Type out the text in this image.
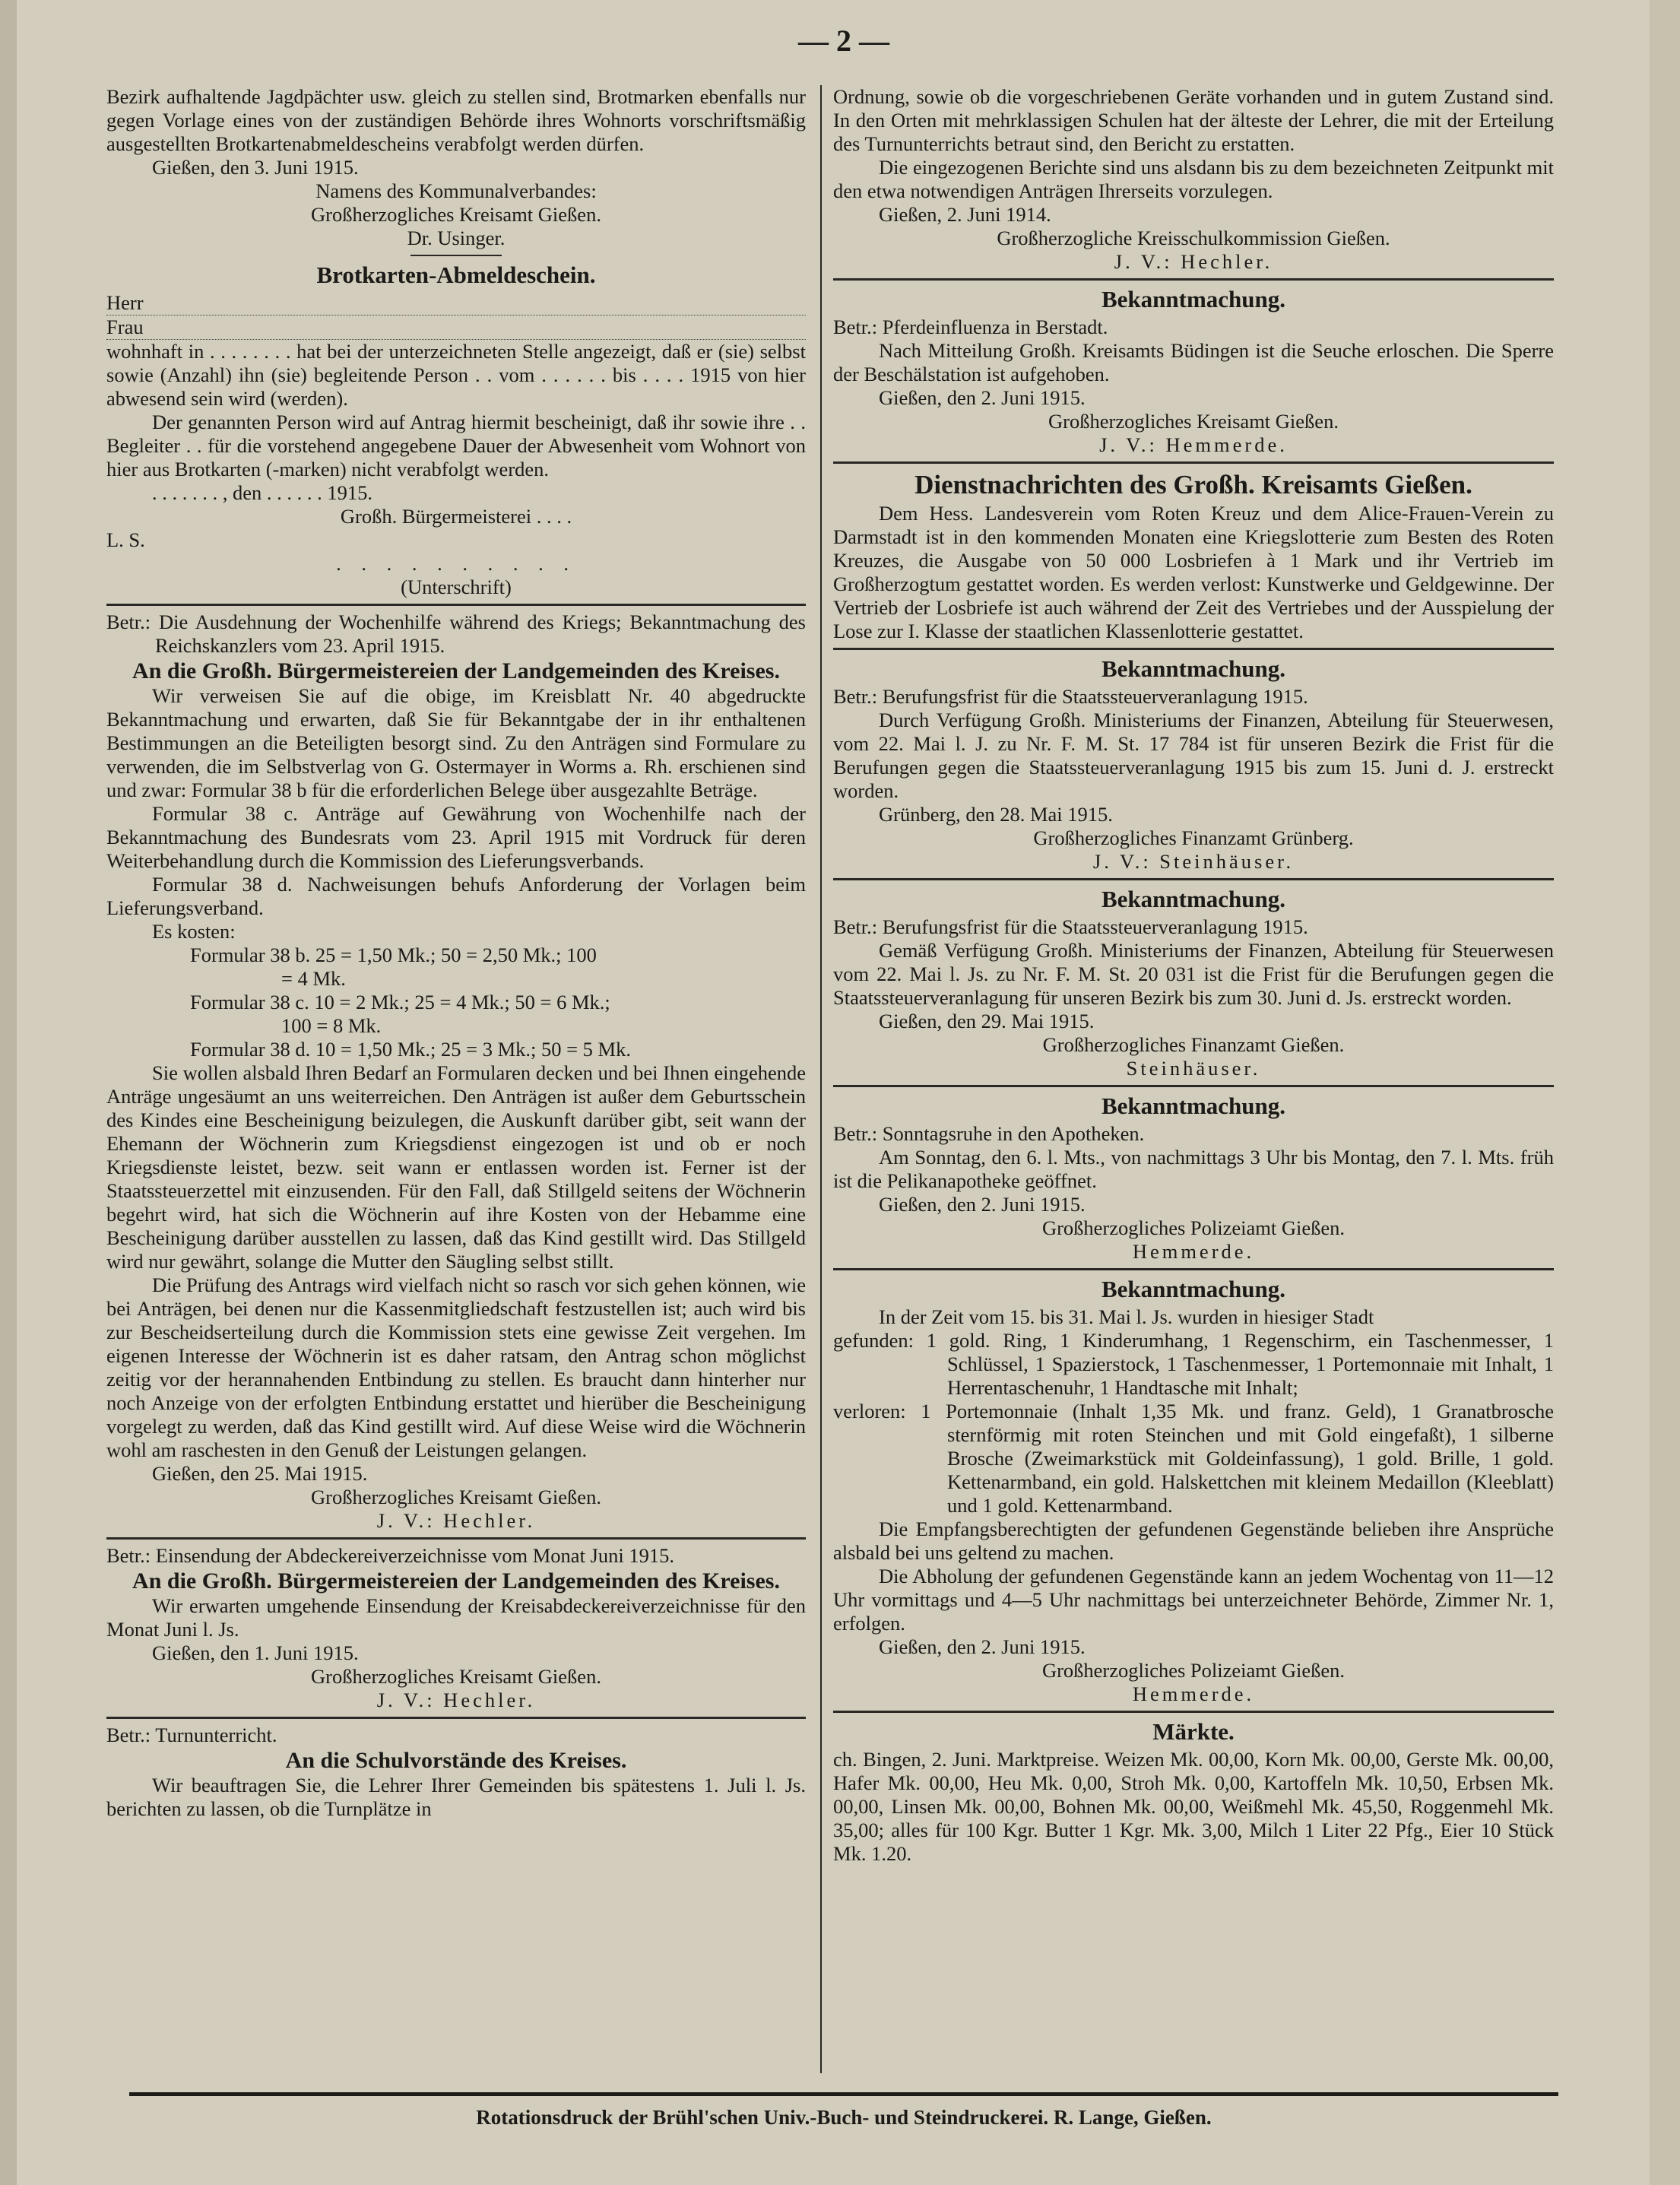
— 2 —

Bezirk aufhaltende Jagdpächter usw. gleich zu stellen sind, Brotmarken ebenfalls nur gegen Vorlage eines von der zuständigen Behörde ihres Wohnorts vorschriftsmäßig ausgestellten Brotkartenabmeldescheins verabfolgt werden dürfen.

Gießen, den 3. Juni 1915.

Namens des Kommunalverbandes:

Großherzogliches Kreisamt Gießen.

Dr. Usinger.

Brotkarten-Abmeldeschein.

Herr

Frau

wohnhaft in . . . . . . . . hat bei der unterzeichneten Stelle angezeigt, daß er (sie) selbst sowie (Anzahl) ihn (sie) begleitende Person . . vom . . . . . . bis . . . . 1915 von hier abwesend sein wird (werden).

Der genannten Person wird auf Antrag hiermit bescheinigt, daß ihr sowie ihre . . Begleiter . . für die vorstehend angegebene Dauer der Abwesenheit vom Wohnort von hier aus Brotkarten (-marken) nicht verabfolgt werden.

. . . . . . . , den . . . . . . 1915.

Großh. Bürgermeisterei . . . .

L. S.

. . . . . . . . . .

(Unterschrift)

Betr.: Die Ausdehnung der Wochenhilfe während des Kriegs; Bekanntmachung des Reichskanzlers vom 23. April 1915.

An die Großh. Bürgermeistereien der Landgemeinden des Kreises.

Wir verweisen Sie auf die obige, im Kreisblatt Nr. 40 abgedruckte Bekanntmachung und erwarten, daß Sie für Bekanntgabe der in ihr enthaltenen Bestimmungen an die Beteiligten besorgt sind. Zu den Anträgen sind Formulare zu verwenden, die im Selbstverlag von G. Ostermayer in Worms a. Rh. erschienen sind und zwar: Formular 38 b für die erforderlichen Belege über ausgezahlte Beträge.

Formular 38 c. Anträge auf Gewährung von Wochenhilfe nach der Bekanntmachung des Bundesrats vom 23. April 1915 mit Vordruck für deren Weiterbehandlung durch die Kommission des Lieferungsverbands.

Formular 38 d. Nachweisungen behufs Anforderung der Vorlagen beim Lieferungsverband.

Es kosten:

Formular 38 b. 25 = 1,50 Mk.; 50 = 2,50 Mk.; 100

= 4 Mk.

Formular 38 c. 10 = 2 Mk.; 25 = 4 Mk.; 50 = 6 Mk.;

100 = 8 Mk.

Formular 38 d. 10 = 1,50 Mk.; 25 = 3 Mk.; 50 = 5 Mk.

Sie wollen alsbald Ihren Bedarf an Formularen decken und bei Ihnen eingehende Anträge ungesäumt an uns weiterreichen. Den Anträgen ist außer dem Geburtsschein des Kindes eine Bescheinigung beizulegen, die Auskunft darüber gibt, seit wann der Ehemann der Wöchnerin zum Kriegsdienst eingezogen ist und ob er noch Kriegsdienste leistet, bezw. seit wann er entlassen worden ist. Ferner ist der Staatssteuerzettel mit einzusenden. Für den Fall, daß Stillgeld seitens der Wöchnerin begehrt wird, hat sich die Wöchnerin auf ihre Kosten von der Hebamme eine Bescheinigung darüber ausstellen zu lassen, daß das Kind gestillt wird. Das Stillgeld wird nur gewährt, solange die Mutter den Säugling selbst stillt.

Die Prüfung des Antrags wird vielfach nicht so rasch vor sich gehen können, wie bei Anträgen, bei denen nur die Kassenmitgliedschaft festzustellen ist; auch wird bis zur Bescheidserteilung durch die Kommission stets eine gewisse Zeit vergehen. Im eigenen Interesse der Wöchnerin ist es daher ratsam, den Antrag schon möglichst zeitig vor der herannahenden Entbindung zu stellen. Es braucht dann hinterher nur noch Anzeige von der erfolgten Entbindung erstattet und hierüber die Bescheinigung vorgelegt zu werden, daß das Kind gestillt wird. Auf diese Weise wird die Wöchnerin wohl am raschesten in den Genuß der Leistungen gelangen.

Gießen, den 25. Mai 1915.

Großherzogliches Kreisamt Gießen.

J. V.: Hechler.

Betr.: Einsendung der Abdeckereiverzeichnisse vom Monat Juni 1915.

An die Großh. Bürgermeistereien der Landgemeinden des Kreises.

Wir erwarten umgehende Einsendung der Kreisabdeckereiverzeichnisse für den Monat Juni l. Js.

Gießen, den 1. Juni 1915.

Großherzogliches Kreisamt Gießen.

J. V.: Hechler.

Betr.: Turnunterricht.

An die Schulvorstände des Kreises.

Wir beauftragen Sie, die Lehrer Ihrer Gemeinden bis spätestens 1. Juli l. Js. berichten zu lassen, ob die Turnplätze in

Ordnung, sowie ob die vorgeschriebenen Geräte vorhanden und in gutem Zustand sind. In den Orten mit mehrklassigen Schulen hat der älteste der Lehrer, die mit der Erteilung des Turnunterrichts betraut sind, den Bericht zu erstatten.

Die eingezogenen Berichte sind uns alsdann bis zu dem bezeichneten Zeitpunkt mit den etwa notwendigen Anträgen Ihrerseits vorzulegen.

Gießen, 2. Juni 1914.

Großherzogliche Kreisschulkommission Gießen.

J. V.: Hechler.

Bekanntmachung.

Betr.: Pferdeinfluenza in Berstadt.

Nach Mitteilung Großh. Kreisamts Büdingen ist die Seuche erloschen. Die Sperre der Beschälstation ist aufgehoben.

Gießen, den 2. Juni 1915.

Großherzogliches Kreisamt Gießen.

J. V.: Hemmerde.

Dienstnachrichten des Großh. Kreisamts Gießen.

Dem Hess. Landesverein vom Roten Kreuz und dem Alice-Frauen-Verein zu Darmstadt ist in den kommenden Monaten eine Kriegslotterie zum Besten des Roten Kreuzes, die Ausgabe von 50 000 Losbriefen à 1 Mark und ihr Vertrieb im Großherzogtum gestattet worden. Es werden verlost: Kunstwerke und Geldgewinne. Der Vertrieb der Losbriefe ist auch während der Zeit des Vertriebes und der Ausspielung der Lose zur I. Klasse der staatlichen Klassenlotterie gestattet.

Bekanntmachung.

Betr.: Berufungsfrist für die Staatssteuerveranlagung 1915.

Durch Verfügung Großh. Ministeriums der Finanzen, Abteilung für Steuerwesen, vom 22. Mai l. J. zu Nr. F. M. St. 17 784 ist für unseren Bezirk die Frist für die Berufungen gegen die Staatssteuerveranlagung 1915 bis zum 15. Juni d. J. erstreckt worden.

Grünberg, den 28. Mai 1915.

Großherzogliches Finanzamt Grünberg.

J. V.: Steinhäuser.

Bekanntmachung.

Betr.: Berufungsfrist für die Staatssteuerveranlagung 1915.

Gemäß Verfügung Großh. Ministeriums der Finanzen, Abteilung für Steuerwesen vom 22. Mai l. Js. zu Nr. F. M. St. 20 031 ist die Frist für die Berufungen gegen die Staatssteuerveranlagung für unseren Bezirk bis zum 30. Juni d. Js. erstreckt worden.

Gießen, den 29. Mai 1915.

Großherzogliches Finanzamt Gießen.

Steinhäuser.

Bekanntmachung.

Betr.: Sonntagsruhe in den Apotheken.

Am Sonntag, den 6. l. Mts., von nachmittags 3 Uhr bis Montag, den 7. l. Mts. früh ist die Pelikanapotheke geöffnet.

Gießen, den 2. Juni 1915.

Großherzogliches Polizeiamt Gießen.

Hemmerde.

Bekanntmachung.

In der Zeit vom 15. bis 31. Mai l. Js. wurden in hiesiger Stadt

gefunden: 1 gold. Ring, 1 Kinderumhang, 1 Regenschirm, ein Taschenmesser, 1 Schlüssel, 1 Spazierstock, 1 Taschenmesser, 1 Portemonnaie mit Inhalt, 1 Herrentaschenuhr, 1 Handtasche mit Inhalt;

verloren: 1 Portemonnaie (Inhalt 1,35 Mk. und franz. Geld), 1 Granatbrosche sternförmig mit roten Steinchen und mit Gold eingefaßt), 1 silberne Brosche (Zweimarkstück mit Goldeinfassung), 1 gold. Brille, 1 gold. Kettenarmband, ein gold. Halskettchen mit kleinem Medaillon (Kleeblatt) und 1 gold. Kettenarmband.

Die Empfangsberechtigten der gefundenen Gegenstände belieben ihre Ansprüche alsbald bei uns geltend zu machen.

Die Abholung der gefundenen Gegenstände kann an jedem Wochentag von 11—12 Uhr vormittags und 4—5 Uhr nachmittags bei unterzeichneter Behörde, Zimmer Nr. 1, erfolgen.

Gießen, den 2. Juni 1915.

Großherzogliches Polizeiamt Gießen.

Hemmerde.

Märkte.

ch. Bingen, 2. Juni. Marktpreise. Weizen Mk. 00,00, Korn Mk. 00,00, Gerste Mk. 00,00, Hafer Mk. 00,00, Heu Mk. 0,00, Stroh Mk. 0,00, Kartoffeln Mk. 10,50, Erbsen Mk. 00,00, Linsen Mk. 00,00, Bohnen Mk. 00,00, Weißmehl Mk. 45,50, Roggenmehl Mk. 35,00; alles für 100 Kgr. Butter 1 Kgr. Mk. 3,00, Milch 1 Liter 22 Pfg., Eier 10 Stück Mk. 1.20.

Rotationsdruck der Brühl'schen Univ.-Buch- und Steindruckerei. R. Lange, Gießen.
